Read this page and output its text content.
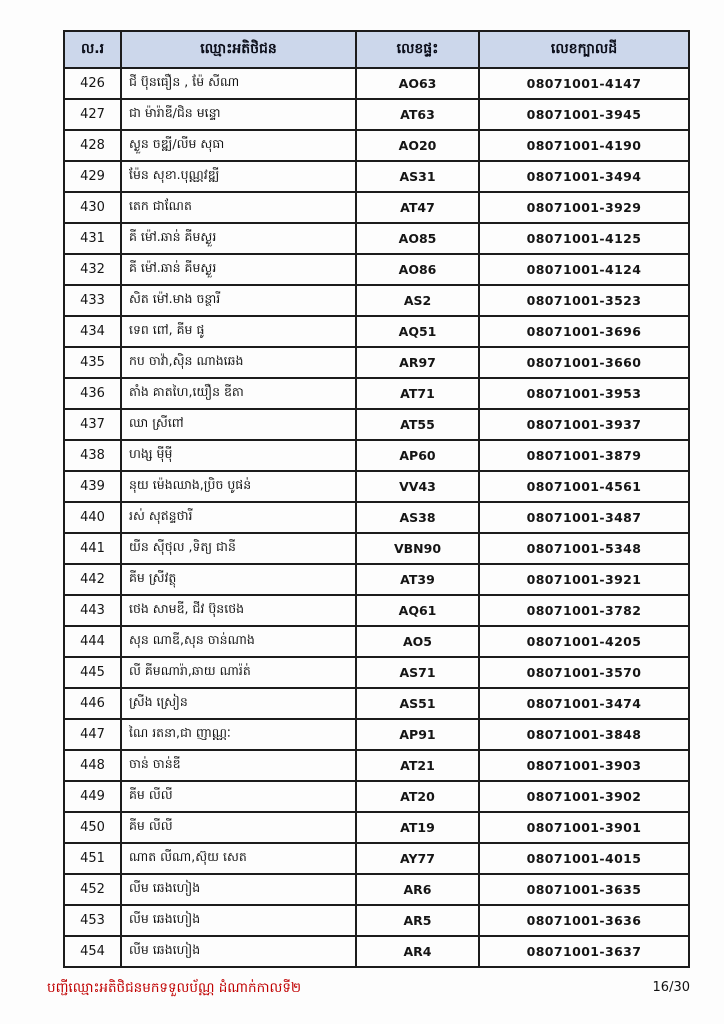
ល.រ	ឈ្មោះអតិថិជន	លេខផ្ទះ	លេខក្បាលដី
426	ជី ប៊ុនធឿន , ម៉ែ សីណា	AO63	08071001-4147
427	ជា ម៉ារ៉ាឌី/ជិន មន្ទោ	AT63	08071001-3945
428	ស្ងួន ចឌ្ឍី/លីម សុធា	AO20	08071001-4190
429	ម៉ែន សុខា.បុណ្ណវឌ្ឍី	AS31	08071001-3494
430	តេក ជាណែត	AT47	08071001-3929
431	គី ម៉ៅ.ឆាន់ គីមស្ងួរ	AO85	08071001-4125
432	គី ម៉ៅ.ឆាន់ គីមស្ងួរ	AO86	08071001-4124
433	សិត ម៉ៅ.មាង ចន្ថារី	AS2	08071001-3523
434	ទេព ពៅ, គីម ផូ	AQ51	08071001-3696
435	កប ចាវ៉ា,ស៊ិន ណាងឆេង	AR97	08071001-3660
436	តាំង គាតហៃ,យឿន ឌីតា	AT71	08071001-3953
437	ឈា ស្រីពៅ	AT55	08071001-3937
438	ហង្ស មុីមុី	AP60	08071001-3879
439	នុយ ម៉េងឈាង,ប្រិច បូផន់	VV43	08071001-4561
440	រស់ សុឥន្ទថារី	AS38	08071001-3487
441	យីន ស៊ីថុល ,ទិត្យ ជានី	VBN90	08071001-5348
442	គីម ស្រីវត្ថុ	AT39	08071001-3921
443	ថេង សាមឌី, ជីវ ប៊ុនថេង	AQ61	08071001-3782
444	សុន ណាឌី,សុន ចាន់ណាង	AO5	08071001-4205
445	លី គីមណារ៉ា,ឆាយ ណារ៉ត់	AS71	08071001-3570
446	ស្រីង ស្រៀន	AS51	08071001-3474
447	ណៃ រតនា,ជា ញាណ្ណៈ	AP91	08071001-3848
448	ចាន់ ចាន់ឌី	AT21	08071001-3903
449	គីម លីលី	AT20	08071001-3902
450	គីម លីលី	AT19	08071001-3901
451	ណាត លីណា,ស៊ុយ សេត	AY77	08071001-4015
452	លីម ឆេងហៀង	AR6	08071001-3635
453	លីម ឆេងហៀង	AR5	08071001-3636
454	លីម ឆេងហៀង	AR4	08071001-3637
បញ្ជីឈ្មោះអតិថិជនមកទទួលប័ណ្ណ ដំណាក់កាលទី២	16/30
